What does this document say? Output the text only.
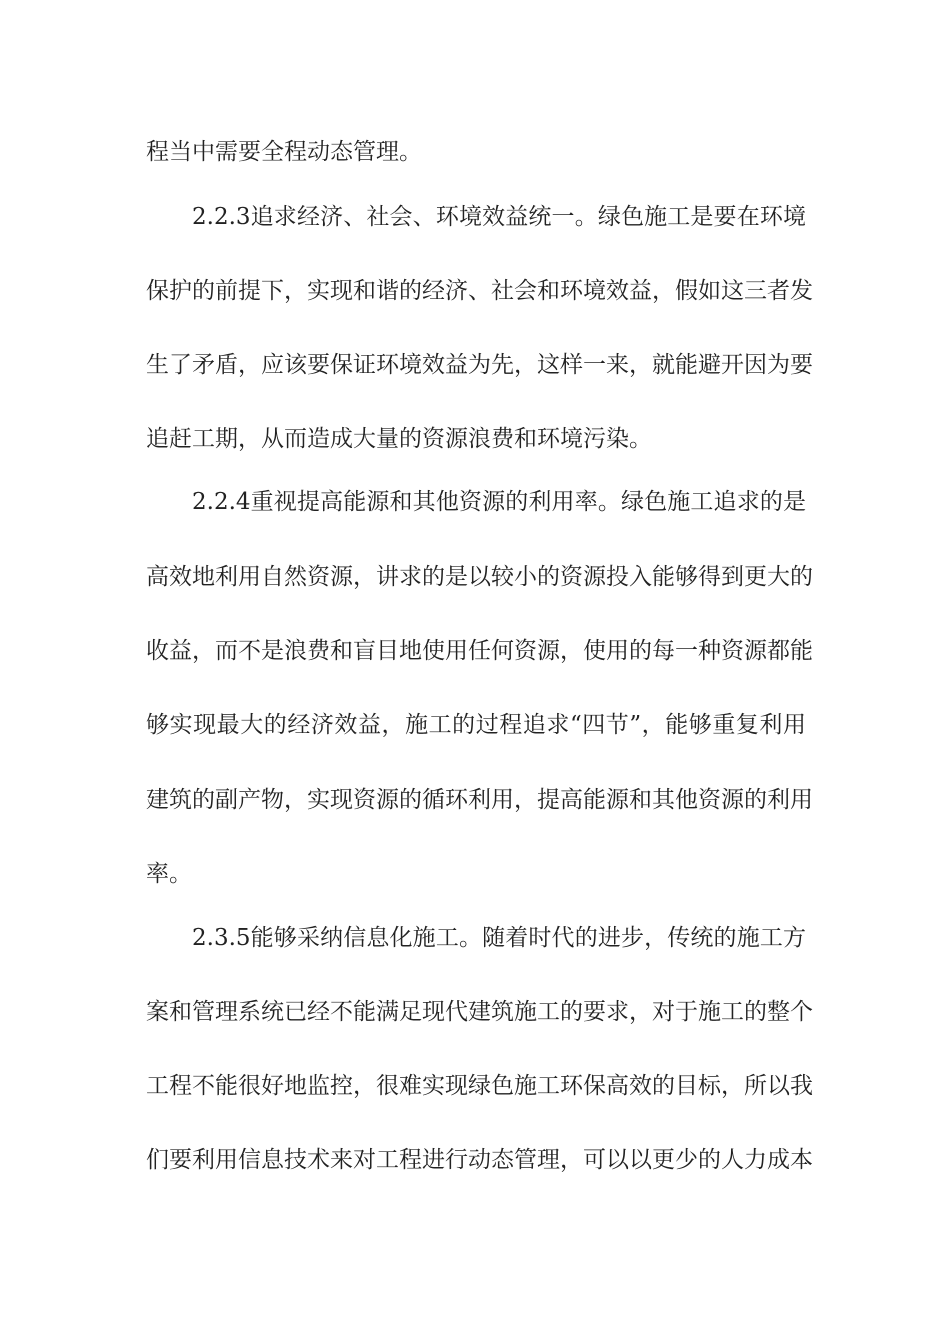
程当中需要全程动态管理。
2.2.3追求经济、社会、环境效益统一。绿色施工是要在环境
保护的前提下，实现和谐的经济、社会和环境效益，假如这三者发
生了矛盾，应该要保证环境效益为先，这样一来，就能避开因为要
追赶工期，从而造成大量的资源浪费和环境污染。
2.2.4重视提高能源和其他资源的利用率。绿色施工追求的是
高效地利用自然资源，讲求的是以较小的资源投入能够得到更大的
收益，而不是浪费和盲目地使用任何资源，使用的每一种资源都能
够实现最大的经济效益，施工的过程追求“四节”，能够重复利用
建筑的副产物，实现资源的循环利用，提高能源和其他资源的利用
率。
2.3.5能够采纳信息化施工。随着时代的进步，传统的施工方
案和管理系统已经不能满足现代建筑施工的要求，对于施工的整个
工程不能很好地监控，很难实现绿色施工环保高效的目标，所以我
们要利用信息技术来对工程进行动态管理，可以以更少的人力成本
